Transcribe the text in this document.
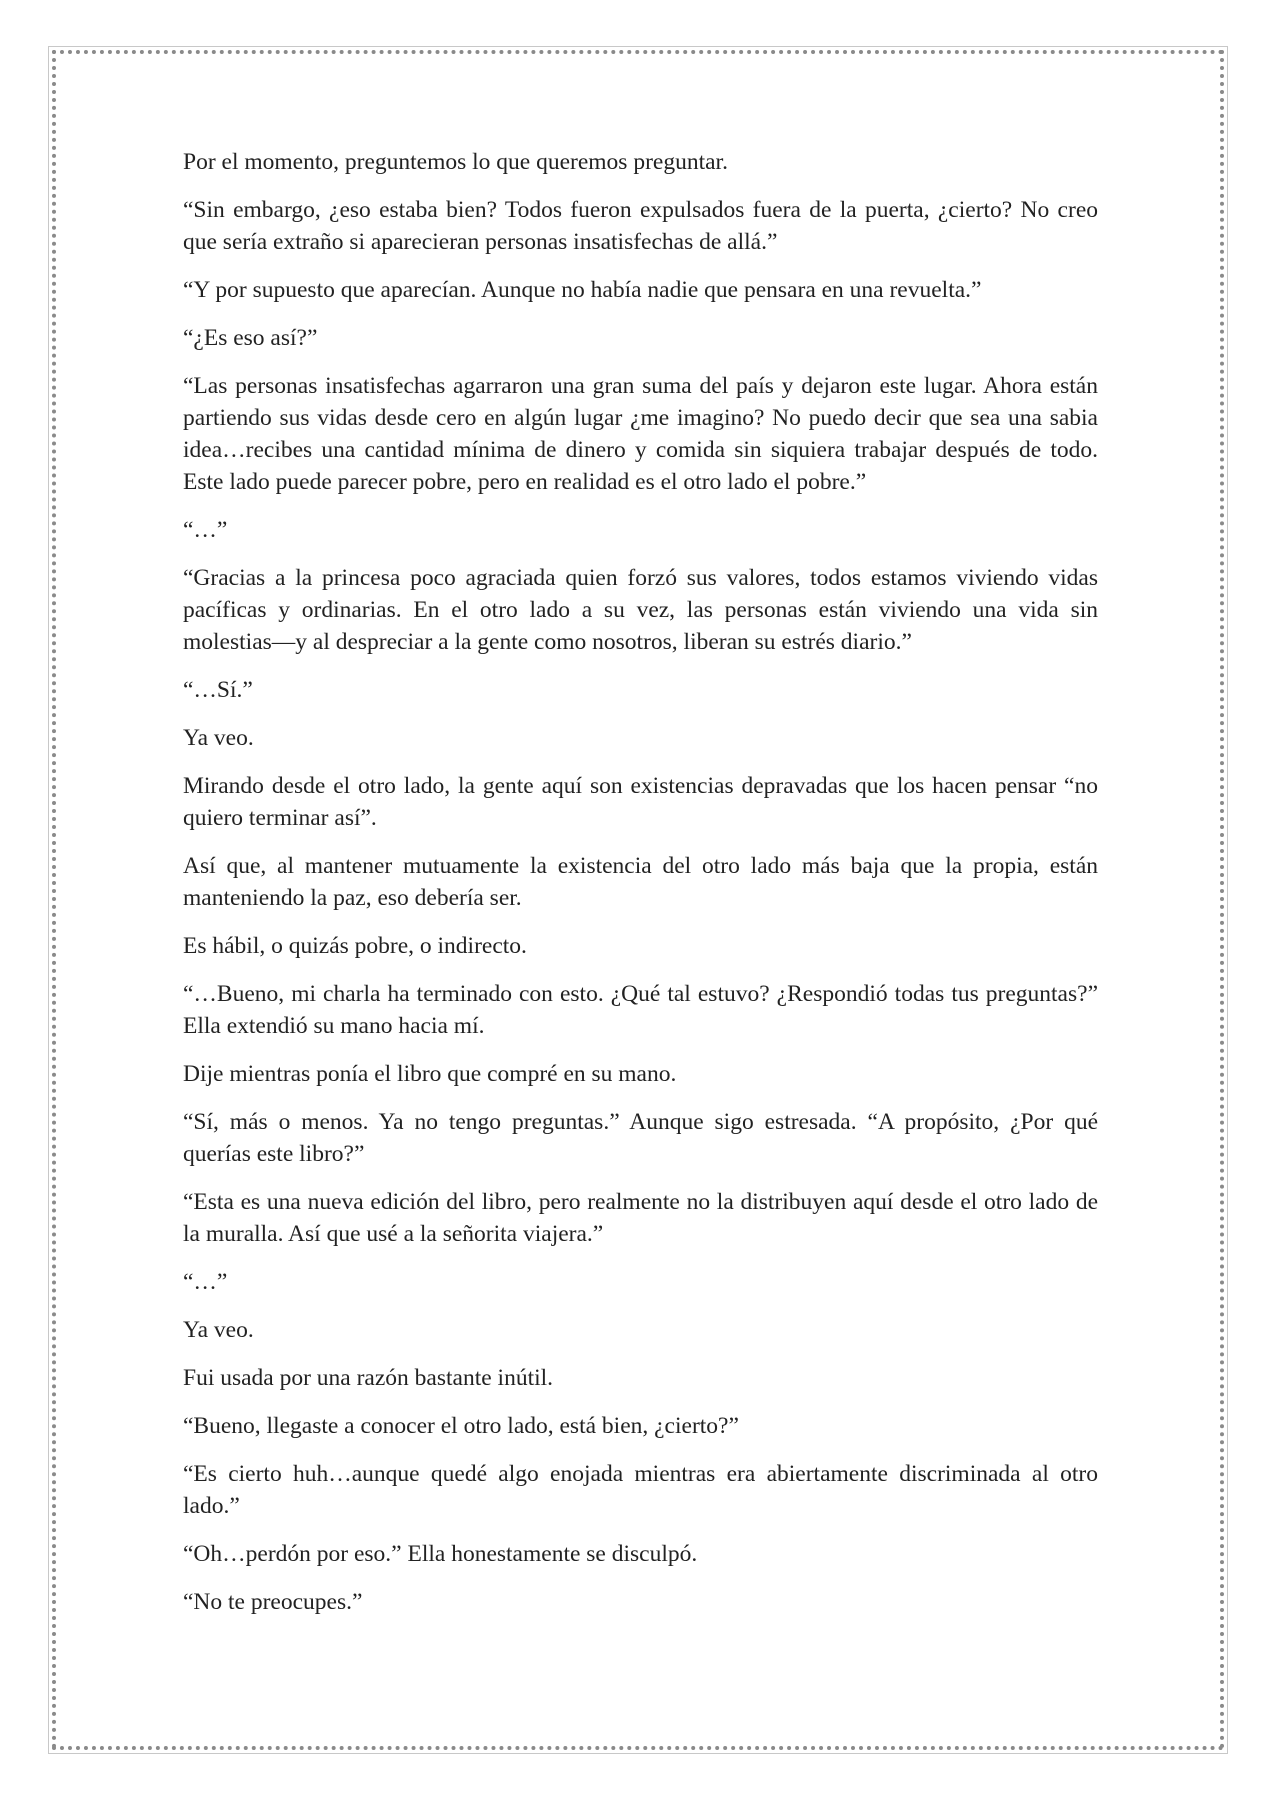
Por el momento, preguntemos lo que queremos preguntar.

“Sin embargo, ¿eso estaba bien? Todos fueron expulsados fuera de la puerta, ¿cierto? No creo que sería extraño si aparecieran personas insatisfechas de allá.”

“Y por supuesto que aparecían. Aunque no había nadie que pensara en una revuelta.”

“¿Es eso así?”

“Las personas insatisfechas agarraron una gran suma del país y dejaron este lugar. Ahora están partiendo sus vidas desde cero en algún lugar ¿me imagino? No puedo decir que sea una sabia idea…recibes una cantidad mínima de dinero y comida sin siquiera trabajar después de todo. Este lado puede parecer pobre, pero en realidad es el otro lado el pobre.”

“…”

“Gracias a la princesa poco agraciada quien forzó sus valores, todos estamos viviendo vidas pacíficas y ordinarias. En el otro lado a su vez, las personas están viviendo una vida sin molestias—y al despreciar a la gente como nosotros, liberan su estrés diario.”

“…Sí.”

Ya veo.

Mirando desde el otro lado, la gente aquí son existencias depravadas que los hacen pensar “no quiero terminar así”.

Así que, al mantener mutuamente la existencia del otro lado más baja que la propia, están manteniendo la paz, eso debería ser.

Es hábil, o quizás pobre, o indirecto.

“…Bueno, mi charla ha terminado con esto. ¿Qué tal estuvo? ¿Respondió todas tus preguntas?” Ella extendió su mano hacia mí.

Dije mientras ponía el libro que compré en su mano.

“Sí, más o menos. Ya no tengo preguntas.” Aunque sigo estresada. “A propósito, ¿Por qué querías este libro?”

“Esta es una nueva edición del libro, pero realmente no la distribuyen aquí desde el otro lado de la muralla. Así que usé a la señorita viajera.”

“…”

Ya veo.

Fui usada por una razón bastante inútil.

“Bueno, llegaste a conocer el otro lado, está bien, ¿cierto?”

“Es cierto huh…aunque quedé algo enojada mientras era abiertamente discriminada al otro lado.”

“Oh…perdón por eso.” Ella honestamente se disculpó.

“No te preocupes.”
